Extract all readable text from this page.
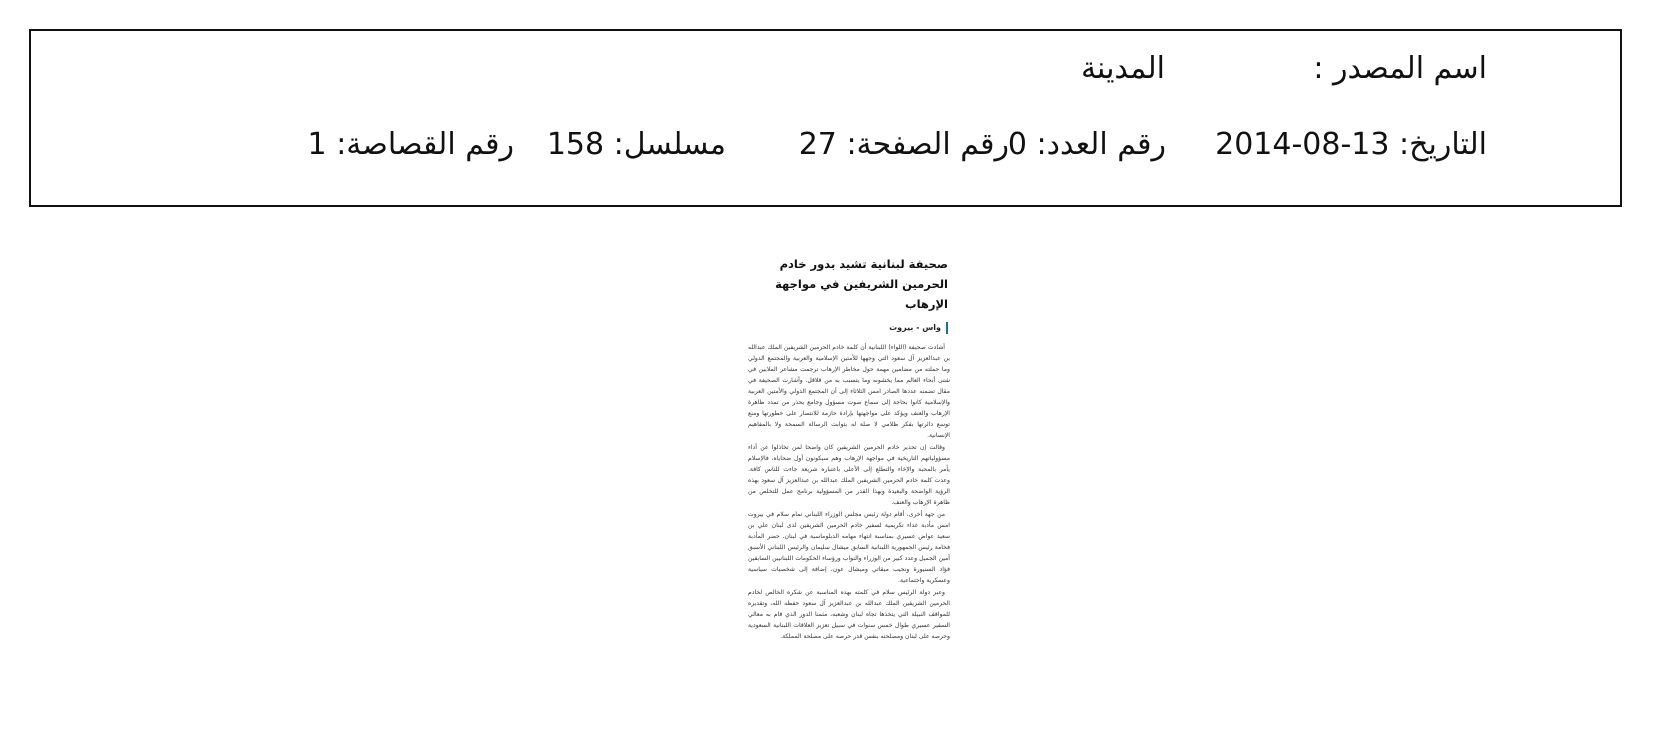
اسم المصدر :
المدينة
التاريخ: 2014-08-13
رقم العدد: 0
رقم الصفحة: 27
مسلسل: 158
رقم القصاصة: 1
صحيفة لبنانية تشيد بدور خادم الحرمين الشريفين في مواجهة الإرهاب
واس - بيروت

أشادت صحيفة (اللواء) اللبنانية أن كلمة خادم الحرمين الشريفين الملك عبدالله بن عبدالعزيز آل سعود التي وجهها للأمتين الإسلامية والعربية والمجتمع الدولي وما حملته من مضامين مهمة حول مخاطر الإرهاب ترجمت مشاعر الملايين في شتى أنحاء العالم مما يخشونه وما يتسبب به من قلاقل. وأشارت الصحيفة في مقال تضمنه عددها الصادر امس الثلاثاء إلى أن المجتمع الدولي والأمتين العربية والإسلامية كانوا بحاجة إلى سماع صوت مسؤول وجامع يحذر من تمدد ظاهرة الإرهاب والعنف ويؤكد على مواجهتها بإرادة حازمة للانتصار على خطورتها ومنع توسع دائرتها بفكر ظلامي لا صلة له بثوابت الرسالة السمحة ولا بالمفاهيم الإنسانية.

وقالت إن تحذير خادم الحرمين الشريفين كان واضحا لمن تخاذلوا عن أداء مسؤولياتهم التاريخية في مواجهة الإرهاب وهم سيكونون أول ضحاياه، فالإسلام يأمر بالمحبة والإخاء والتطلع إلى الأعلى باعتباره شريعة جاءت للناس كافة. وعدت كلمة خادم الحرمين الشريفين الملك عبدالله بن عبدالعزيز آل سعود بهذه الرؤية الواضحة والبعيدة وبهذا القدر من المسؤولية برنامج عمل للتخلص من ظاهرة الإرهاب والعنف.

من جهة أخرى، أقام دولة رئيس مجلس الوزراء اللبناني تمام سلام في بيروت امس مأدبة غداء تكريمية لسفير خادم الحرمين الشريفين لدى لبنان علي بن سعيد عواض عسيري بمناسبة انتهاء مهامه الدبلوماسية في لبنان. حضر المأدبة فخامة رئيس الجمهورية اللبنانية السابق ميشال سليمان والرئيس اللبناني الأسبق أمين الجميل وعدد كبير من الوزراء والنواب ورؤساء الحكومات اللبنانيين السابقين فؤاد السنيورة ونجيب ميقاتي وميشال عون، إضافة إلى شخصيات سياسية وعسكرية واجتماعية.

وعبر دولة الرئيس سلام في كلمته بهذه المناسبة عن شكره الخالص لخادم الحرمين الشريفين الملك عبدالله بن عبدالعزيز آل سعود حفظه الله، وتقديره للمواقف النبيلة التي يتخذها تجاه لبنان وشعبه، مثمنا الدور الذي قام به معالي السفير عسيري طوال خمس سنوات في سبيل تعزيز العلاقات اللبنانية السعودية وحرصه على لبنان ومصلحته بنفس قدر حرصه على مصلحة المملكة.
